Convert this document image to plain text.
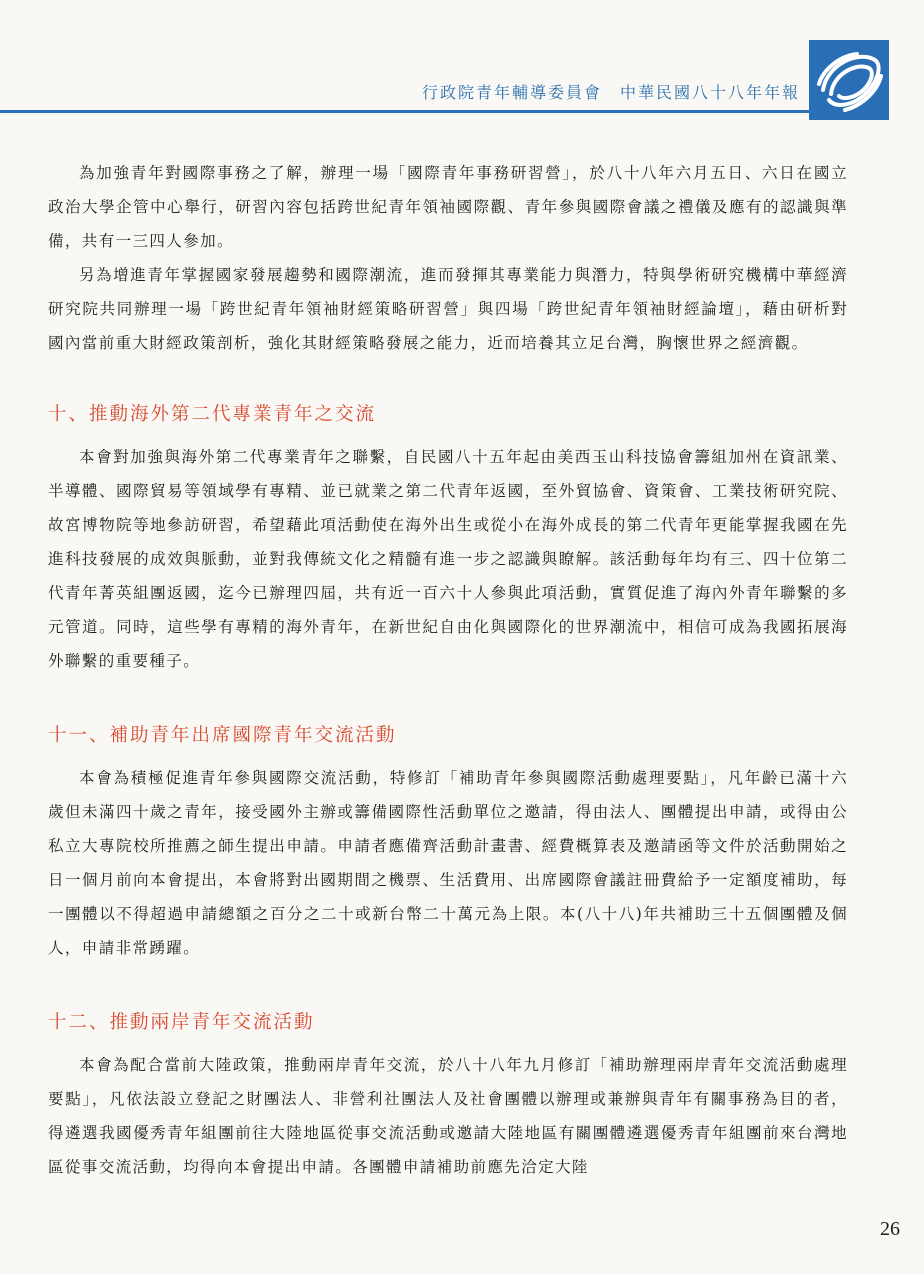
行政院青年輔導委員會　中華民國八十八年年報

為加強青年對國際事務之了解，辦理一場「國際青年事務研習營」，於八十八年六月五日、六日在國立政治大學企管中心舉行，研習內容包括跨世紀青年領袖國際觀、青年參與國際會議之禮儀及應有的認識與準備，共有一三四人參加。

另為增進青年掌握國家發展趨勢和國際潮流，進而發揮其專業能力與潛力，特與學術研究機構中華經濟研究院共同辦理一場「跨世紀青年領袖財經策略研習營」與四場「跨世紀青年領袖財經論壇」，藉由研析對國內當前重大財經政策剖析，強化其財經策略發展之能力，近而培養其立足台灣，胸懷世界之經濟觀。

十、推動海外第二代專業青年之交流

本會對加強與海外第二代專業青年之聯繫，自民國八十五年起由美西玉山科技協會籌組加州在資訊業、半導體、國際貿易等領域學有專精、並已就業之第二代青年返國，至外貿協會、資策會、工業技術研究院、故宮博物院等地參訪研習，希望藉此項活動使在海外出生或從小在海外成長的第二代青年更能掌握我國在先進科技發展的成效與脈動，並對我傳統文化之精髓有進一步之認識與瞭解。該活動每年均有三、四十位第二代青年菁英組團返國，迄今已辦理四屆，共有近一百六十人參與此項活動，實質促進了海內外青年聯繫的多元管道。同時，這些學有專精的海外青年，在新世紀自由化與國際化的世界潮流中，相信可成為我國拓展海外聯繫的重要種子。

十一、補助青年出席國際青年交流活動

本會為積極促進青年參與國際交流活動，特修訂「補助青年參與國際活動處理要點」，凡年齡已滿十六歲但未滿四十歲之青年，接受國外主辦或籌備國際性活動單位之邀請，得由法人、團體提出申請，或得由公私立大專院校所推薦之師生提出申請。申請者應備齊活動計畫書、經費概算表及邀請函等文件於活動開始之日一個月前向本會提出，本會將對出國期間之機票、生活費用、出席國際會議註冊費給予一定額度補助，每一團體以不得超過申請總額之百分之二十或新台幣二十萬元為上限。本(八十八)年共補助三十五個團體及個人，申請非常踴躍。

十二、推動兩岸青年交流活動

本會為配合當前大陸政策，推動兩岸青年交流，於八十八年九月修訂「補助辦理兩岸青年交流活動處理要點」，凡依法設立登記之財團法人、非營利社團法人及社會團體以辦理或兼辦與青年有關事務為目的者，得遴選我國優秀青年組團前往大陸地區從事交流活動或邀請大陸地區有關團體遴選優秀青年組團前來台灣地區從事交流活動，均得向本會提出申請。各團體申請補助前應先洽定大陸

26
